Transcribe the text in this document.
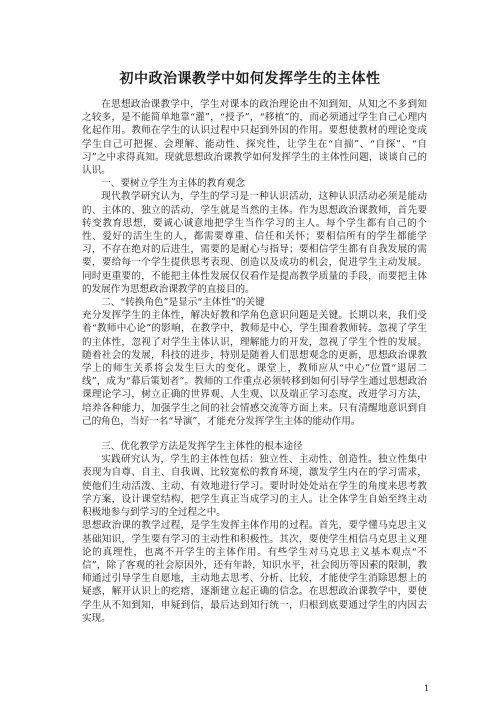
初中政治课教学中如何发挥学生的主体性

在思想政治课教学中，学生对课本的政治理论由不知到知，从知之不多到知之较多，是不能简单地靠“灌”，“授予”，“移植”的，而必须通过学生自己心理内化起作用。教师在学生的认识过程中只起到外因的作用。要想使教材的理论变成学生自己可把握、会理解、能动性、探究性，让学生在“自揣”、“自探”、“自习”之中求得真知。现就思想政治课教学如何发挥学生的主体性问题，谈谈自己的认识。

一、要树立学生为主体的教育观念

现代教学研究认为，学生的学习是一种认识活动，这种认识活动必须是能动的、主体的、独立的活动，学生就是当然的主体。作为思想政治课教师，首先要转变教育思想，要诚心诚意地把学生当作学习的主人。每个学生都有自己的个性、爱好的活生生的人，都需要尊重、信任和关怀；要相信所有的学生都能学习，不存在绝对的后进生，需要的是耐心与指导；要相信学生都有自我发展的需要，要给每一个学生提供思考表现、创造以及成功的机会，促进学生主动发展。同时更重要的，不能把主体性发展仅仅看作是提高教学质量的手段，而要把主体的发展作为思想政治课教学的直接目的。

二、“转换角色”是显示“主体性”的关键

充分发挥学生的主体性，解决好教和学角色意识问题是关键。长期以来，我们受着“教师中心论”的影响，在教学中，教师是中心，学生围着教师转。忽视了学生的主体性，忽视了对学生主体认识，理解能力的开发，忽视了学生个性的发展。随着社会的发展，科技的进步，特别是随着人们思想观念的更新，思想政治课教学上的师生关系将会发生巨大的变化。课堂上，教师应从“中心”位置“退居二线”，成为“幕后策划者”。教师的工作重点必须转移到如何引导学生通过思想政治课理论学习，树立正确的世界观、人生观、以及端正学习态度，改进学习方法，培养各种能力，加强学生之间的社会情感交流等方面上来。只有清醒地意识到自己的角色，当好一名“导演”，才能充分发挥学生主体的能动作用。

三、优化教学方法是发挥学生主体性的根本途径

实践研究认为，学生的主体性包括：独立性、主动性、创造性。独立性集中表现为自尊、自主、自我调、比较宽松的教育环境，激发学生内在的学习需求，使他们生动活泼、主动、有效地进行学习。要时时处处站在学生的角度来思考教学方案，设计课堂结构，把学生真正当成学习的主人。让全体学生自始至终主动积极地参与到学习的全过程之中。

思想政治课的教学过程，是学生发挥主体作用的过程。首先，要学懂马克思主义基础知识，学生要有学习的主动性和积极性。其次，要使学生相信马克思主义理论的真理性，也离不开学生的主体作用。有些学生对马克思主义基本观点“不信”，除了客观的社会原因外，还有年龄，知识水平，社会阅历等因素的限制，教师通过引导学生自愿地，主动地去思考、分析、比较，才能使学生消除思想上的疑惑，解开认识上的疙瘩，逐渐建立起正确的信念。在思想政治课教学中，要使学生从不知到知，申疑到信，最后达到知行统一，归根到底要通过学生的内因去实现。

1
